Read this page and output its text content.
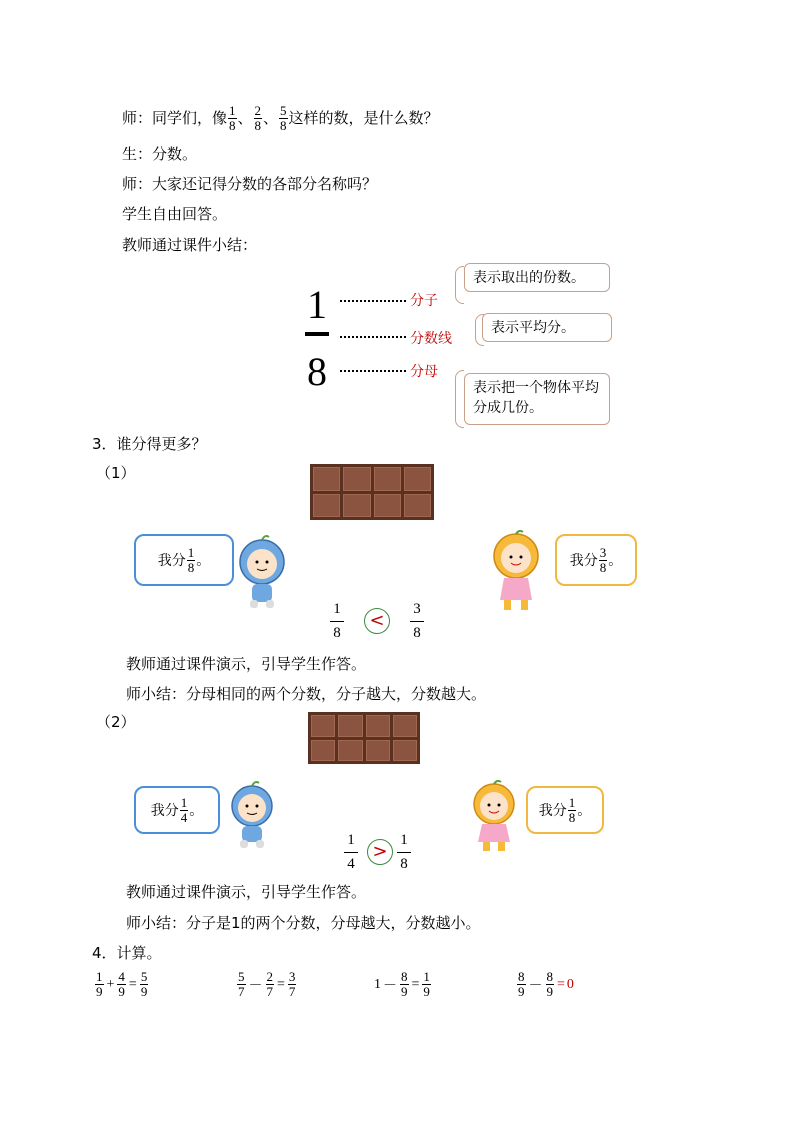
师：同学们，像 $\frac{1}{8}$ 、 $\frac{2}{8}$ 、 $\frac{5}{8}$ 这样的数，是什么数？
生：分数。
师：大家还记得分数的各部分名称吗？
学生自由回答。
教师通过课件小结：
1
8
分子
分数线
分母
表示取出的份数。
表示平均分。
表示把一个物体平均分成几份。
3．谁分得更多？
（1）
我分 $\frac{1}{8}$ 。	我分 $\frac{3}{8}$ 。
1
8
<
3
8
教师通过课件演示，引导学生作答。
师小结：分母相同的两个分数，分子越大，分数越大。
（2）
我分 $\frac{1}{4}$ 。	我分 $\frac{1}{8}$ 。
1
4
>
1
8
教师通过课件演示，引导学生作答。
师小结：分子是1的两个分数，分母越大，分数越小。
4．计算。
$\frac{1}{9} + \frac{4}{9} = \frac{5}{9}$	$\frac{5}{7} - \frac{2}{7} = \frac{3}{7}$	$1 - \frac{8}{9} = \frac{1}{9}$	$\frac{8}{9} - \frac{8}{9} = 0$
